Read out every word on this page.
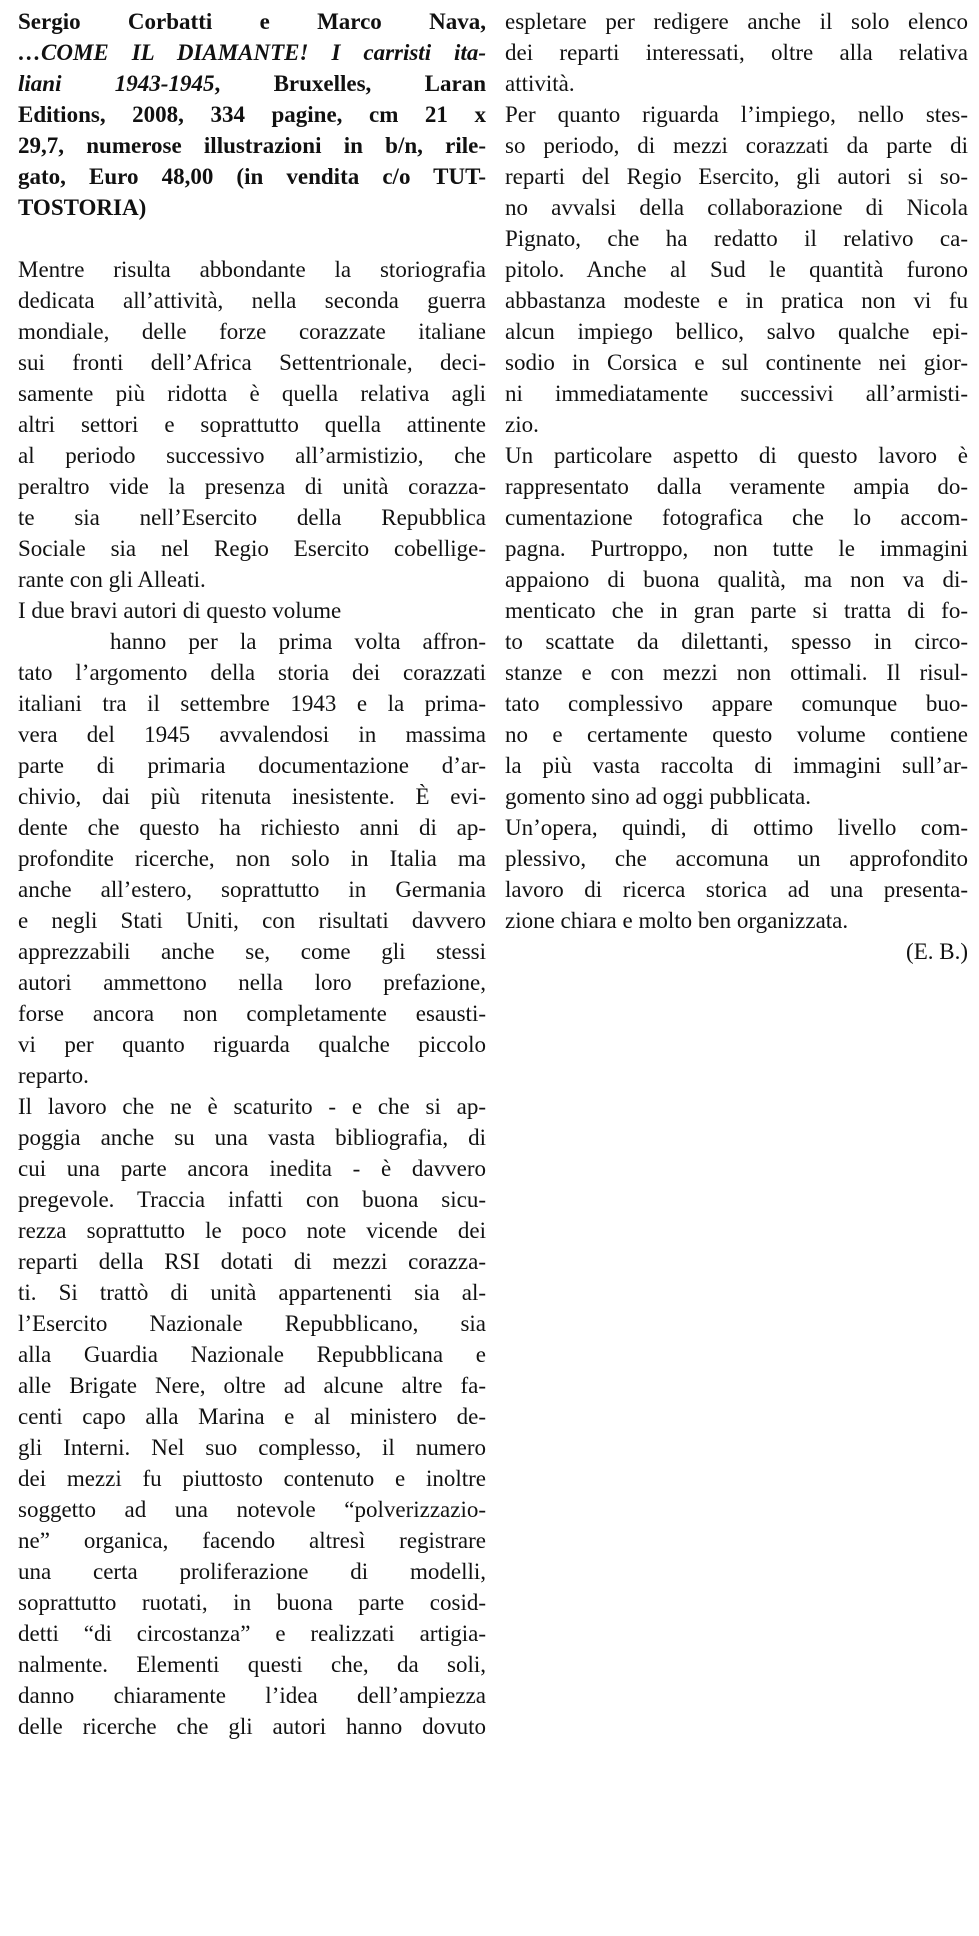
Sergio Corbatti e Marco Nava,
…COME IL DIAMANTE! I carristi ita-
liani 1943-1945, Bruxelles, Laran
Editions, 2008, 334 pagine, cm 21 x
29,7, numerose illustrazioni in b/n, rile-
gato, Euro 48,00 (in vendita c/o TUT-
TOSTORIA)
Mentre risulta abbondante la storiografia
dedicata all’attività, nella seconda guerra
mondiale, delle forze corazzate italiane
sui fronti dell’Africa Settentrionale, deci-
samente più ridotta è quella relativa agli
altri settori e soprattutto quella attinente
al periodo successivo all’armistizio, che
peraltro vide la presenza di unità corazza-
te sia nell’Esercito della Repubblica
Sociale sia nel Regio Esercito cobellige-
rante con gli Alleati.
I due bravi autori di questo volume
hanno per la prima volta affron-
tato l’argomento della storia dei corazzati
italiani tra il settembre 1943 e la prima-
vera del 1945 avvalendosi in massima
parte di primaria documentazione d’ar-
chivio, dai più ritenuta inesistente. È evi-
dente che questo ha richiesto anni di ap-
profondite ricerche, non solo in Italia ma
anche all’estero, soprattutto in Germania
e negli Stati Uniti, con risultati davvero
apprezzabili anche se, come gli stessi
autori ammettono nella loro prefazione,
forse ancora non completamente esausti-
vi per quanto riguarda qualche piccolo
reparto.
Il lavoro che ne è scaturito - e che si ap-
poggia anche su una vasta bibliografia, di
cui una parte ancora inedita - è davvero
pregevole. Traccia infatti con buona sicu-
rezza soprattutto le poco note vicende dei
reparti della RSI dotati di mezzi corazza-
ti. Si trattò di unità appartenenti sia al-
l’Esercito Nazionale Repubblicano, sia
alla Guardia Nazionale Repubblicana e
alle Brigate Nere, oltre ad alcune altre fa-
centi capo alla Marina e al ministero de-
gli Interni. Nel suo complesso, il numero
dei mezzi fu piuttosto contenuto e inoltre
soggetto ad una notevole “polverizzazio-
ne” organica, facendo altresì registrare
una certa proliferazione di modelli,
soprattutto ruotati, in buona parte cosid-
detti “di circostanza” e realizzati artigia-
nalmente. Elementi questi che, da soli,
danno chiaramente l’idea dell’ampiezza
delle ricerche che gli autori hanno dovuto
espletare per redigere anche il solo elenco
dei reparti interessati, oltre alla relativa
attività.
Per quanto riguarda l’impiego, nello stes-
so periodo, di mezzi corazzati da parte di
reparti del Regio Esercito, gli autori si so-
no avvalsi della collaborazione di Nicola
Pignato, che ha redatto il relativo ca-
pitolo. Anche al Sud le quantità furono
abbastanza modeste e in pratica non vi fu
alcun impiego bellico, salvo qualche epi-
sodio in Corsica e sul continente nei gior-
ni immediatamente successivi all’armisti-
zio.
Un particolare aspetto di questo lavoro è
rappresentato dalla veramente ampia do-
cumentazione fotografica che lo accom-
pagna. Purtroppo, non tutte le immagini
appaiono di buona qualità, ma non va di-
menticato che in gran parte si tratta di fo-
to scattate da dilettanti, spesso in circo-
stanze e con mezzi non ottimali. Il risul-
tato complessivo appare comunque buo-
no e certamente questo volume contiene
la più vasta raccolta di immagini sull’ar-
gomento sino ad oggi pubblicata.
Un’opera, quindi, di ottimo livello com-
plessivo, che accomuna un approfondito
lavoro di ricerca storica ad una presenta-
zione chiara e molto ben organizzata.
(E. B.)
